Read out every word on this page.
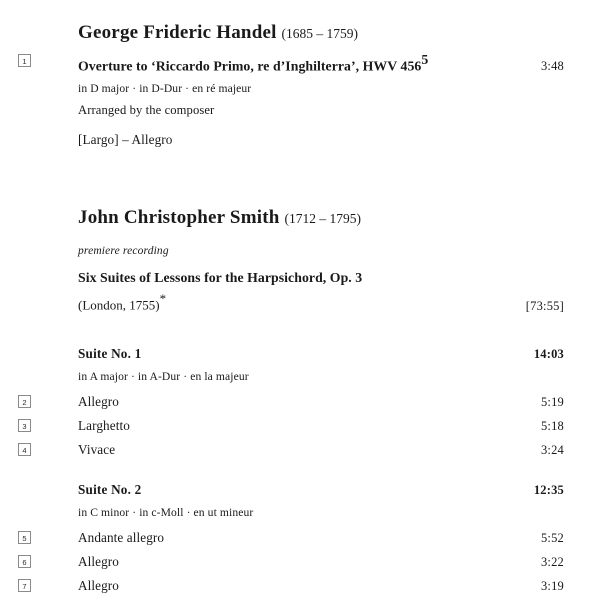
George Frideric Handel (1685 – 1759)
1	Overture to ‘Riccardo Primo, re d’Inghilterra’, HWV $456^5$	3:48
in D major · in D-Dur · en ré majeur
Arranged by the composer
[Largo] – Allegro
John Christopher Smith (1712 – 1795)
premiere recording
Six Suites of Lessons for the Harpsichord, Op. 3
(London, 1755)*	[73:55]
Suite No. 1	14:03
in A major · in A-Dur · en la majeur
2	Allegro	5:19
3	Larghetto	5:18
4	Vivace	3:24
Suite No. 2	12:35
in C minor · in c-Moll · en ut mineur
5	Andante allegro	5:52
6	Allegro	3:22
7	Allegro	3:19
